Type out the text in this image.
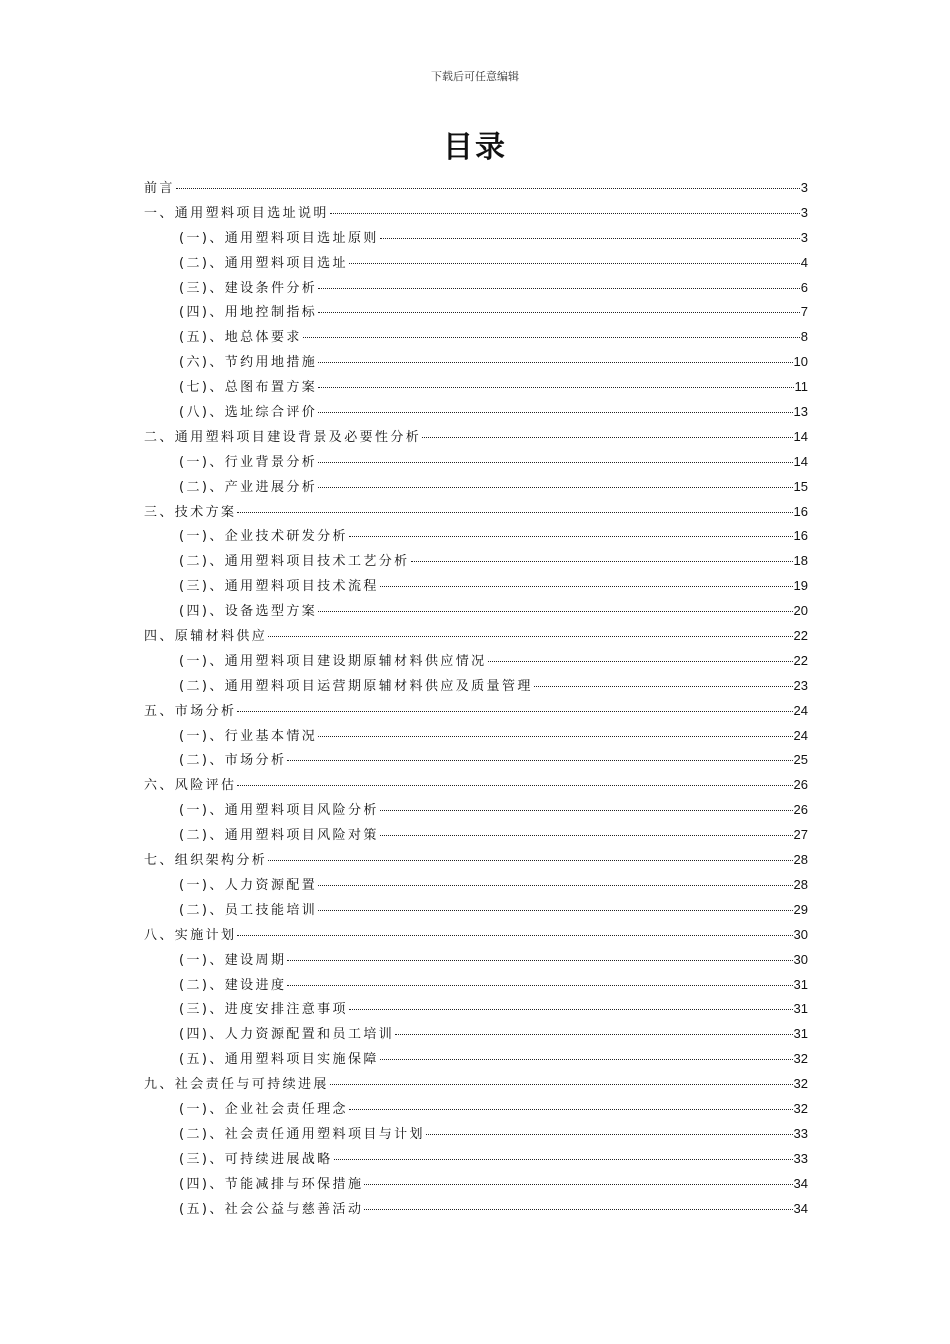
下载后可任意编辑
目录
前言	3
一、通用塑料项目选址说明	3
(一)、通用塑料项目选址原则	3
(二)、通用塑料项目选址	4
(三)、建设条件分析	6
(四)、用地控制指标	7
(五)、地总体要求	8
(六)、节约用地措施	10
(七)、总图布置方案	11
(八)、选址综合评价	13
二、通用塑料项目建设背景及必要性分析	14
(一)、行业背景分析	14
(二)、产业进展分析	15
三、技术方案	16
(一)、企业技术研发分析	16
(二)、通用塑料项目技术工艺分析	18
(三)、通用塑料项目技术流程	19
(四)、设备选型方案	20
四、原辅材料供应	22
(一)、通用塑料项目建设期原辅材料供应情况	22
(二)、通用塑料项目运营期原辅材料供应及质量管理	23
五、市场分析	24
(一)、行业基本情况	24
(二)、市场分析	25
六、风险评估	26
(一)、通用塑料项目风险分析	26
(二)、通用塑料项目风险对策	27
七、组织架构分析	28
(一)、人力资源配置	28
(二)、员工技能培训	29
八、实施计划	30
(一)、建设周期	30
(二)、建设进度	31
(三)、进度安排注意事项	31
(四)、人力资源配置和员工培训	31
(五)、通用塑料项目实施保障	32
九、社会责任与可持续进展	32
(一)、企业社会责任理念	32
(二)、社会责任通用塑料项目与计划	33
(三)、可持续进展战略	33
(四)、节能减排与环保措施	34
(五)、社会公益与慈善活动	34
